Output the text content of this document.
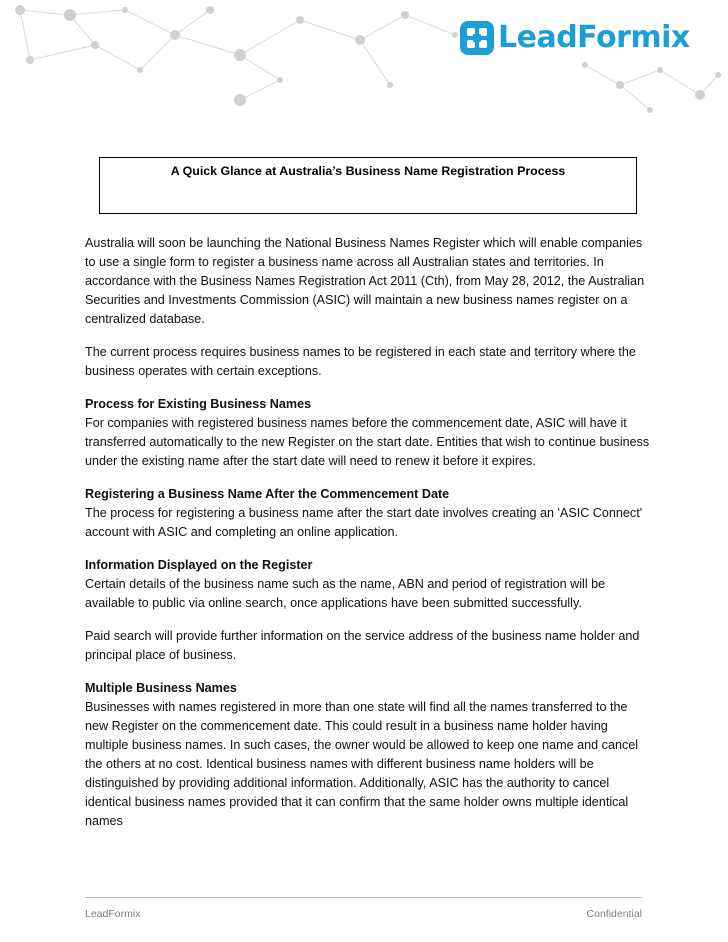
LeadFormix
A Quick Glance at Australia’s Business Name Registration Process

Australia will soon be launching the National Business Names Register which will enable companies to use a single form to register a business name across all Australian states and territories. In accordance with the Business Names Registration Act 2011 (Cth), from May 28, 2012, the Australian Securities and Investments Commission (ASIC) will maintain a new business names register on a centralized database.

The current process requires business names to be registered in each state and territory where the business operates with certain exceptions.

Process for Existing Business Names
For companies with registered business names before the commencement date, ASIC will have it transferred automatically to the new Register on the start date. Entities that wish to continue business under the existing name after the start date will need to renew it before it expires.

Registering a Business Name After the Commencement Date
The process for registering a business name after the start date involves creating an 'ASIC Connect' account with ASIC and completing an online application.

Information Displayed on the Register
Certain details of the business name such as the name, ABN and period of registration will be available to public via online search, once applications have been submitted successfully.

Paid search will provide further information on the service address of the business name holder and principal place of business.

Multiple Business Names
Businesses with names registered in more than one state will find all the names transferred to the new Register on the commencement date. This could result in a business name holder having multiple business names. In such cases, the owner would be allowed to keep one name and cancel the others at no cost. Identical business names with different business name holders will be distinguished by providing additional information. Additionally, ASIC has the authority to cancel identical business names provided that it can confirm that the same holder owns multiple identical names

LeadFormix	Confidential
